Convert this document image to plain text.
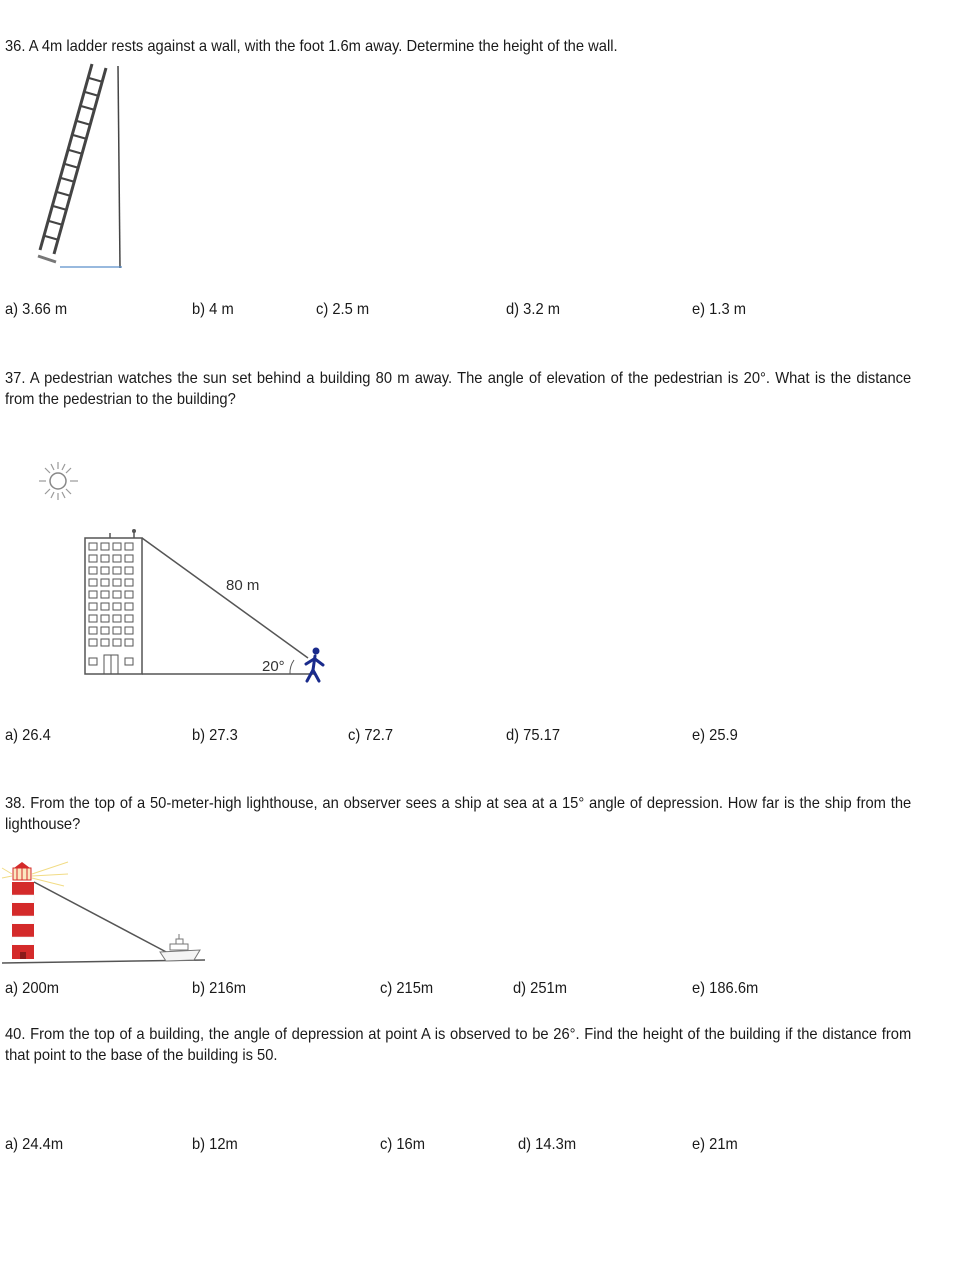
36. A 4m ladder rests against a wall, with the foot 1.6m away. Determine the height of the wall.
a) 3.66 m	b) 4 m	c) 2.5 m	d) 3.2 m	e) 1.3 m
37. A pedestrian watches the sun set behind a building 80 m away. The angle of elevation of the pedestrian is 20°. What is the distance from the pedestrian to the building?
80 m
20°
a) 26.4	b) 27.3	c) 72.7	d) 75.17	e) 25.9
38. From the top of a 50-meter-high lighthouse, an observer sees a ship at sea at a 15° angle of depression. How far is the ship from the lighthouse?
a) 200m	b) 216m	c) 215m	d) 251m	e) 186.6m
40. From the top of a building, the angle of depression at point A is observed to be 26°. Find the height of the building if the distance from that point to the base of the building is 50.
a) 24.4m	b) 12m	c) 16m	d) 14.3m	e) 21m
